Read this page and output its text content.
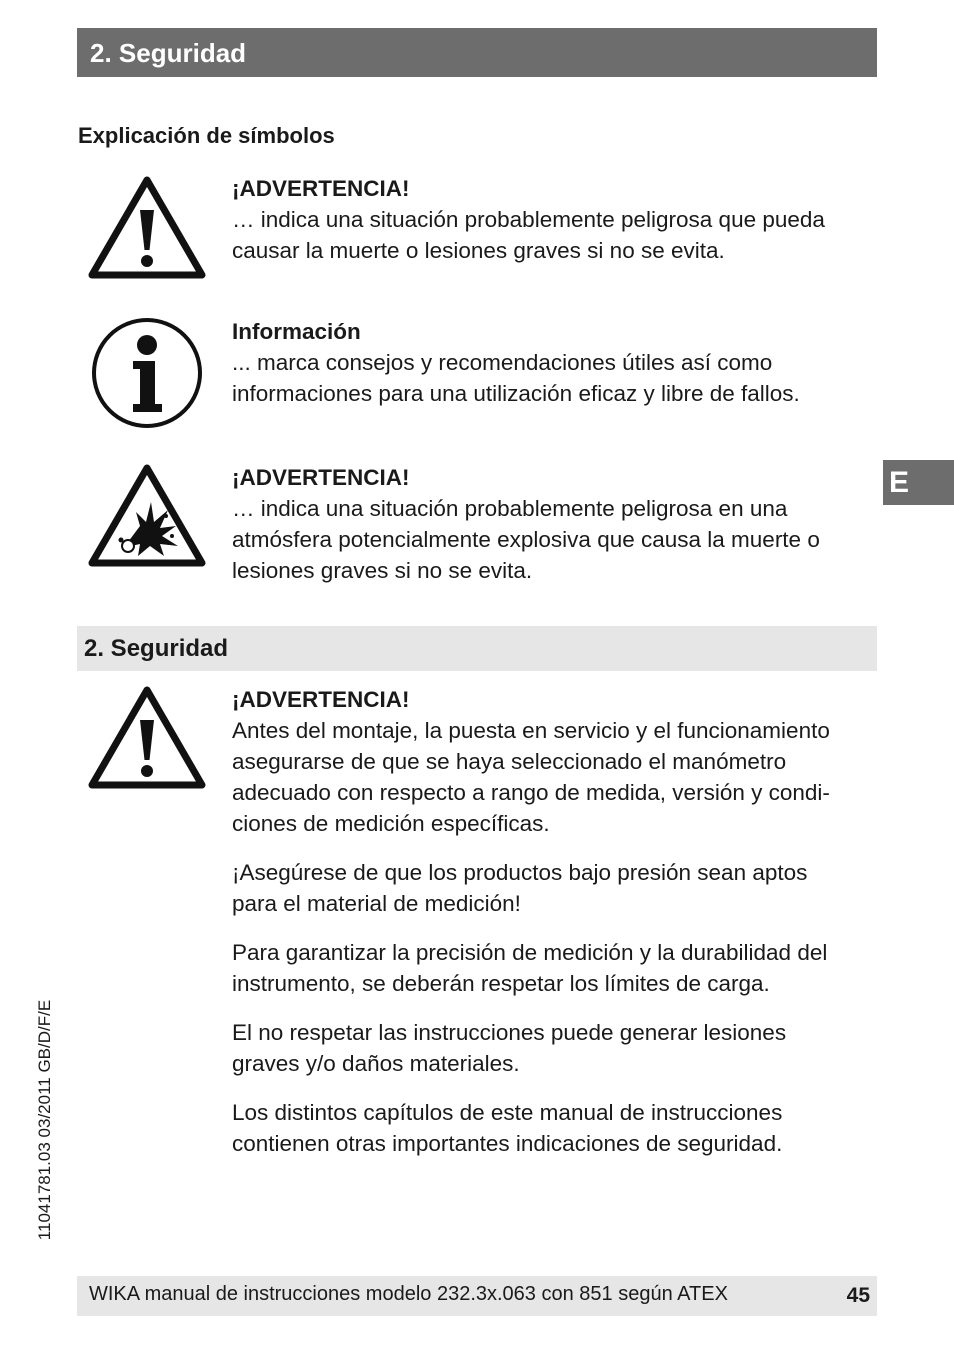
2. Seguridad
Explicación de símbolos
¡ADVERTENCIA!
… indica una situación probablemente peligrosa que pueda
causar la muerte o lesiones graves si no se evita.
Información
... marca consejos y recomendaciones útiles así como
informaciones para una utilización eficaz y libre de fallos.
¡ADVERTENCIA!
… indica una situación probablemente peligrosa en una
atmósfera potencialmente explosiva que causa la muerte o
lesiones graves si no se evita.
2. Seguridad
¡ADVERTENCIA!
Antes del montaje, la puesta en servicio y el funcionamiento
asegurarse de que se haya seleccionado el manómetro
adecuado con respecto a rango de medida, versión y condi-
ciones de medición específicas.
¡Asegúrese de que los productos bajo presión sean aptos
para el material de medición!
Para garantizar la precisión de medición y la durabilidad del
instrumento, se deberán respetar los límites de carga.
El no respetar las instrucciones puede generar lesiones
graves y/o daños materiales.
Los distintos capítulos de este manual de instrucciones
contienen otras importantes indicaciones de seguridad.
E
11041781.03 03/2011 GB/D/F/E
WIKA manual de instrucciones modelo 232.3x.063 con 851 según ATEX	45
